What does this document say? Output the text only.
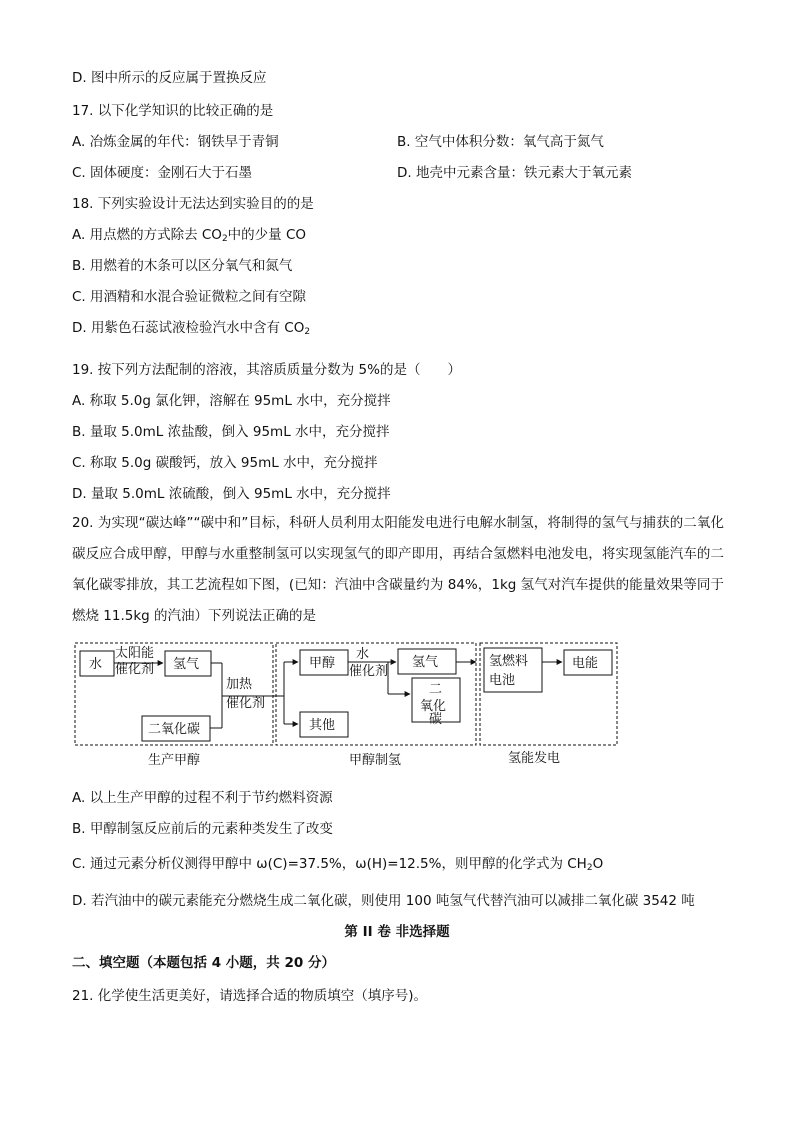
D. 图中所示的反应属于置换反应
17. 以下化学知识的比较正确的是
A. 冶炼金属的年代：钢铁早于青铜	B. 空气中体积分数：氧气高于氮气
C. 固体硬度：金刚石大于石墨	D. 地壳中元素含量：铁元素大于氧元素
18. 下列实验设计无法达到实验目的的是
A. 用点燃的方式除去 $CO_2$中的少量 CO
B. 用燃着的木条可以区分氧气和氮气
C. 用酒精和水混合验证微粒之间有空隙
D. 用紫色石蕊试液检验汽水中含有 $CO_2$
19. 按下列方法配制的溶液，其溶质质量分数为 5%的是（　　）
A. 称取 5.0g 氯化钾，溶解在 95mL 水中，充分搅拌
B. 量取 5.0mL 浓盐酸，倒入 95mL 水中，充分搅拌
C. 称取 5.0g 碳酸钙，放入 95mL 水中，充分搅拌
D. 量取 5.0mL 浓硫酸，倒入 95mL 水中，充分搅拌
20. 为实现“碳达峰”“碳中和”目标，科研人员利用太阳能发电进行电解水制氢，将制得的氢气与捕获的二氧化碳反应合成甲醇，甲醇与水重整制氢可以实现氢气的即产即用，再结合氢燃料电池发电，将实现氢能汽车的二氧化碳零排放，其工艺流程如下图，(已知：汽油中含碳量约为 84%，1kg 氢气对汽车提供的能量效果等同于燃烧 11.5kg 的汽油）下列说法正确的是
水
太阳能
催化剂 氢气
二氧化碳
加热
催化剂
甲醇
其他
水
催化剂
氢气
二
氧化
碳
氢燃料
电池
电能
生产甲醇	甲醇制氢	氢能发电
A. 以上生产甲醇的过程不利于节约燃料资源
B. 甲醇制氢反应前后的元素种类发生了改变
C. 通过元素分析仪测得甲醇中 ω(C)=37.5%，ω(H)=12.5%，则甲醇的化学式为 $CH_2O$
D. 若汽油中的碳元素能充分燃烧生成二氧化碳，则使用 100 吨氢气代替汽油可以减排二氧化碳 3542 吨
第 II 卷 非选择题
二、填空题（本题包括 4 小题，共 20 分）
21. 化学使生活更美好，请选择合适的物质填空（填序号)。
